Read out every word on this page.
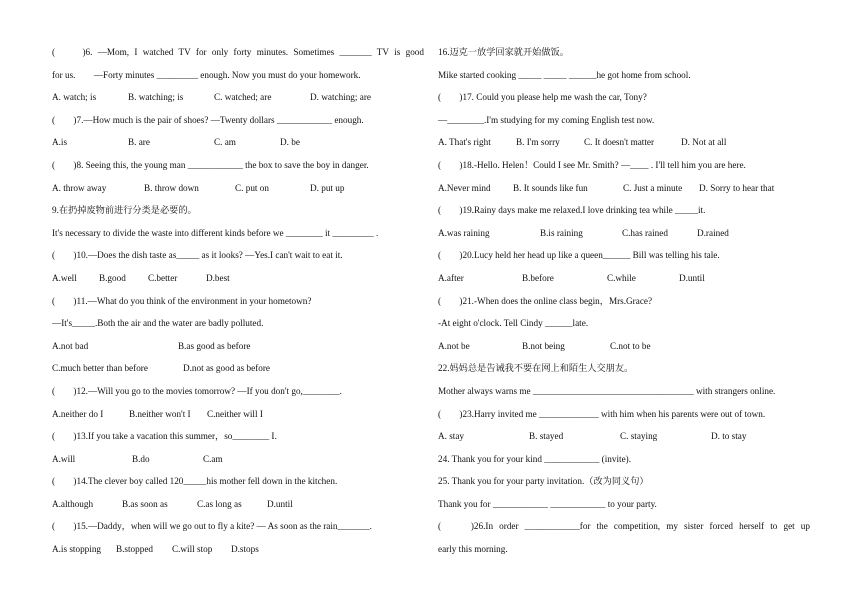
(　　)6. —Mom, I watched TV for only forty minutes. Sometimes _______ TV is good
for us.　　—Forty minutes _________ enough. Now you must do your homework.
A. watch; is	B. watching; is	C. watched; are	D. watching; are
(　　)7.—How much is the pair of shoes? —Twenty dollars ____________ enough.
A.is	B. are	C. am	D. be
(　　)8. Seeing this, the young man ____________ the box to save the boy in danger.
A. throw away	B. throw down	C. put on	D. put up
9.在扔掉废物前进行分类是必要的。
It's necessary to divide the waste into different kinds before we ________ it _________ .
(　　)10.—Does the dish taste as_____ as it looks? —Yes.I can't wait to eat it.
A.well B.good C.better	D.best
(　　)11.—What do you think of the environment in your hometown?
—It's_____.Both the air and the water are badly polluted.
A.not bad	B.as good as before
C.much better than before	D.not as good as before
(　　)12.—Will you go to the movies tomorrow? —If you don't go,________.
A.neither do I	B.neither won't I C.neither will I
(　　)13.If you take a vacation this summer，so________ I.
A.will	B.do	C.am
(　　)14.The clever boy called 120_____his mother fell down in the kitchen.
A.although	B.as soon as	C.as long as	D.until
(　　)15.—Daddy，when will we go out to fly a kite? — As soon as the rain_______.
A.is stopping B.stopped C.will stop D.stops
16.迈克一放学回家就开始做饭。
Mike started cooking _____ _____ ______he got home from school.
(　　)17. Could you please help me wash the car, Tony?
—________.I'm studying for my coming English test now.
A. That's right	B. I'm sorry	C. It doesn't matter	D. Not at all
(　　)18.-Hello. Helen！Could I see Mr. Smith? —____ . I'll tell him you are here.
A.Never mind B. It sounds like fun	C. Just a minute D. Sorry to hear that
(　　)19.Rainy days make me relaxed.I love drinking tea while _____it.
A.was raining	B.is raining	C.has rained	D.rained
(　　)20.Lucy held her head up like a queen______ Bill was telling his tale.
A.after	B.before	C.while	D.until
(　　)21.-When does the online class begin，Mrs.Grace?
-At eight o'clock. Tell Cindy ______late.
A.not be	B.not being	C.not to be
22.妈妈总是告诫我不要在网上和陌生人交朋友。
Mother always warns me ___________________________________ with strangers online.
(　　)23.Harry invited me _____________ with him when his parents were out of town.
A. stay	B. stayed	C. staying	D. to stay
24. Thank you for your kind ____________ (invite).
25. Thank you for your party invitation.（改为同义句）
Thank you for ____________ ____________ to your party.
(　　)26.In order ____________for the competition, my sister forced herself to get up
early this morning.
